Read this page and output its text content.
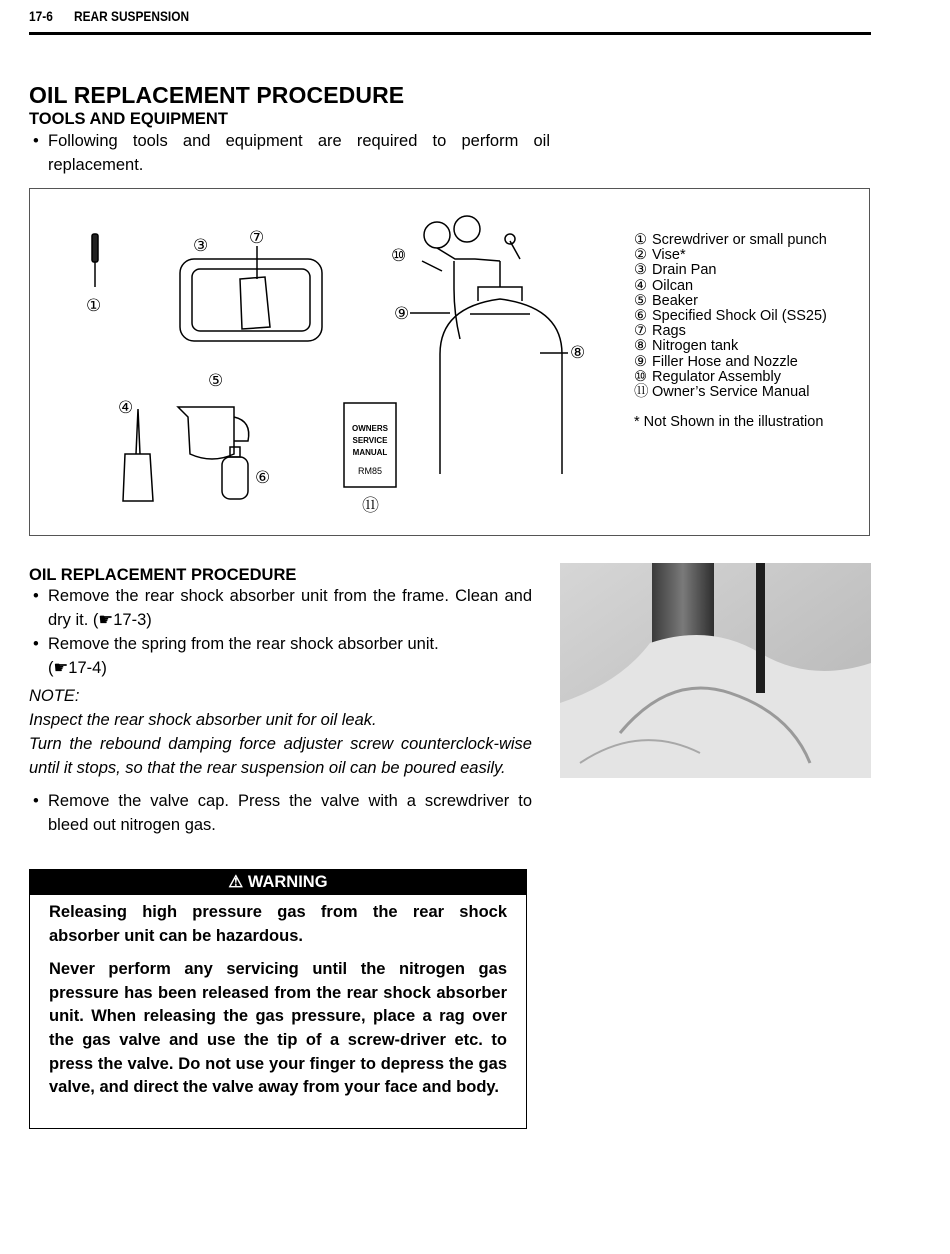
17-6 REAR SUSPENSION
OIL REPLACEMENT PROCEDURE
TOOLS AND EQUIPMENT
• Following tools and equipment are required to perform oil replacement.
①
③ ⑦
④
⑤
⑥
⑪
⑩
⑨
⑧
OWNERS
SERVICE
MANUAL
RM85
① Screwdriver or small punch
② Vise*
③ Drain Pan
④ Oilcan
⑤ Beaker
⑥ Specified Shock Oil (SS25)
⑦ Rags
⑧ Nitrogen tank
⑨ Filler Hose and Nozzle
⑩ Regulator Assembly
⑪ Owner’s Service Manual
* Not Shown in the illustration
OIL REPLACEMENT PROCEDURE
• Remove the rear shock absorber unit from the frame. Clean and dry it. (☛17-3)
• Remove the spring from the rear shock absorber unit.
(☛17-4)
NOTE:
Inspect the rear shock absorber unit for oil leak.
Turn the rebound damping force adjuster screw counterclock-wise until it stops, so that the rear suspension oil can be poured easily.
• Remove the valve cap. Press the valve with a screwdriver to bleed out nitrogen gas.
⚠ WARNING

Releasing high pressure gas from the rear shock absorber unit can be hazardous.

Never perform any servicing until the nitrogen gas pressure has been released from the rear shock absorber unit. When releasing the gas pressure, place a rag over the gas valve and use the tip of a screw-driver etc. to press the valve. Do not use your finger to depress the gas valve, and direct the valve away from your face and body.
